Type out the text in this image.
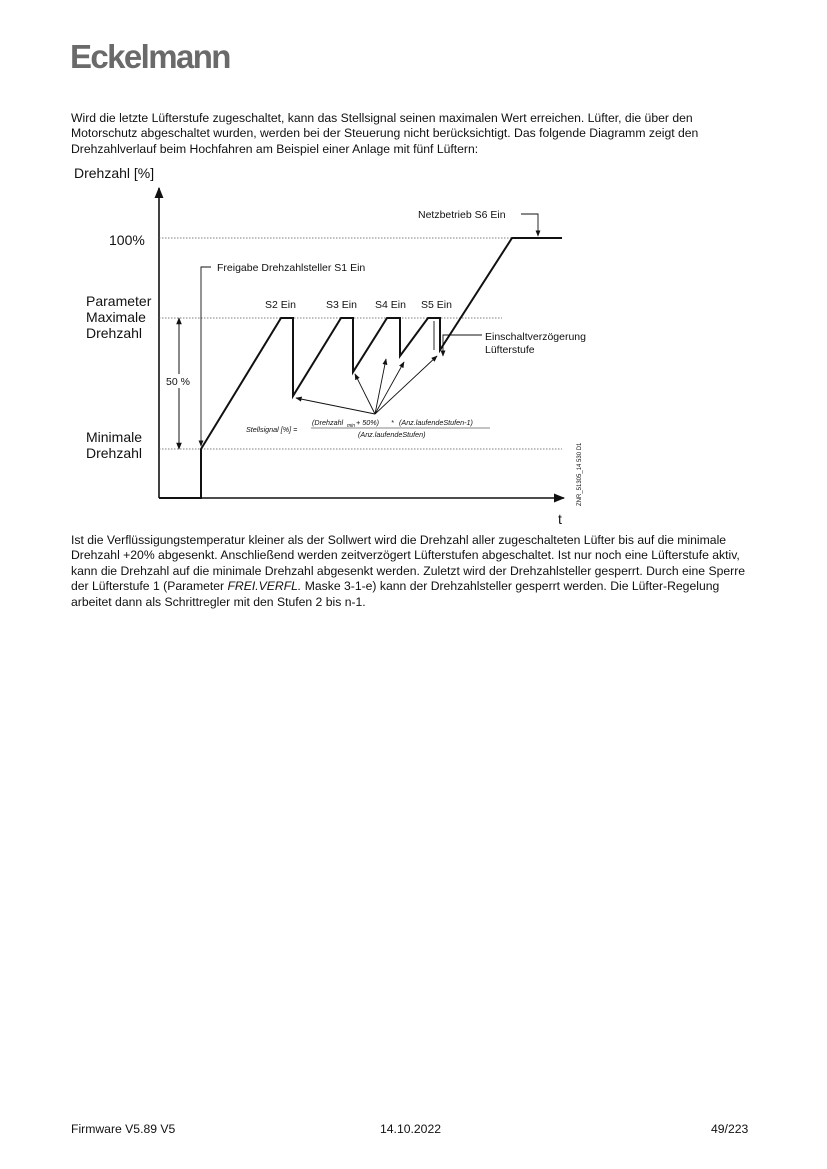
Eckelmann

Wird die letzte Lüfterstufe zugeschaltet, kann das Stellsignal seinen maximalen Wert erreichen. Lüfter, die über den Motorschutz abgeschaltet wurden, werden bei der Steuerung nicht berücksichtigt. Das folgende Diagramm zeigt den Drehzahlverlauf beim Hochfahren am Beispiel einer Anlage mit fünf Lüftern:

Drehzahl [%]
t
100%
Parameter
Maximale
Drehzahl
Minimale
Drehzahl
50 %
Freigabe Drehzahlsteller S1 Ein
Netzbetrieb S6 Ein
S2 Ein	S3 Ein S4 Ein S5 Ein
Einschaltverzögerung
Lüfterstufe
Stellsignal [%] =
(Drehzahl min + 50%) * (Anz.laufendeStufen-1)
(Anz.laufendeStufen)
ZNR_51305_14 530 D1

Ist die Verflüssigungstemperatur kleiner als der Sollwert wird die Drehzahl aller zugeschalteten Lüfter bis auf die minimale Drehzahl +20% abgesenkt. Anschließend werden zeitverzögert Lüfterstufen abgeschaltet. Ist nur noch eine Lüfterstufe aktiv, kann die Drehzahl auf die minimale Drehzahl abgesenkt werden. Zuletzt wird der Drehzahlsteller gesperrt. Durch eine Sperre der Lüfterstufe 1 (Parameter FREI.VERFL. Maske 3-1-e) kann der Drehzahlsteller gesperrt werden. Die Lüfter-Regelung arbeitet dann als Schrittregler mit den Stufen 2 bis n-1.

Firmware V5.89 V5	14.10.2022	49/223
